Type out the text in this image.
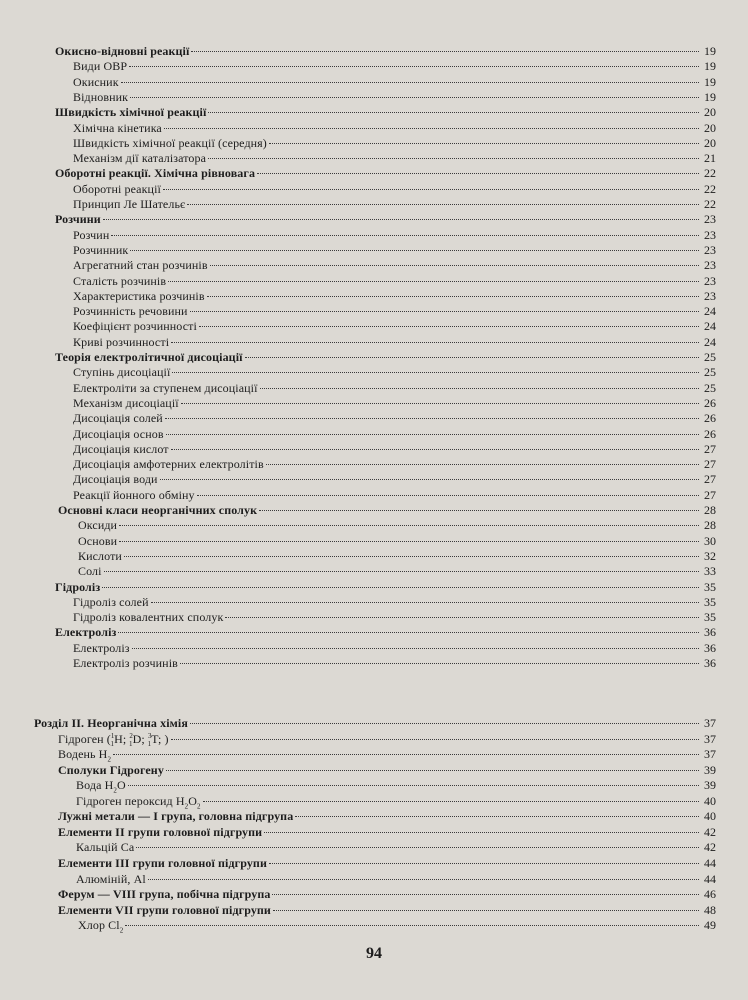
Окисно-відновні реакції	19
Види ОВР	19
Окисник	19
Відновник	19
Швидкість хімічної реакції	20
Хімічна кінетика	20
Швидкість хімічної реакції (середня)	20
Механізм дії каталізатора	21
Оборотні реакції. Хімічна рівновага	22
Оборотні реакції	22
Принцип Ле Шательє	22
Розчини	23
Розчин	23
Розчинник	23
Агрегатний стан розчинів	23
Сталість розчинів	23
Характеристика розчинів	23
Розчинність речовини	24
Коефіцієнт розчинності	24
Криві розчинності	24
Теорія електролітичної дисоціації	25
Ступінь дисоціації	25
Електроліти за ступенем дисоціації	25
Механізм дисоціації	26
Дисоціація солей	26
Дисоціація основ	26
Дисоціація кислот	27
Дисоціація амфотерних електролітів	27
Дисоціація води	27
Реакції йонного обміну	27
Основні класи неорганічних сполук	28
Оксиди	28
Основи	30
Кислоти	32
Солі	33
Гідроліз	35
Гідроліз солей	35
Гідроліз ковалентних сполук	35
Електроліз	36
Електроліз	36
Електроліз розчинів	36
Розділ II. Неорганічна хімія	37
Гідроген ($^1_1$H; $^2_1$D; $^3_1$T; )	37
Водень $H_2$	37
Сполуки Гідрогену	39
Вода $H_2O$	39
Гідроген пероксид $H_2O_2$	40
Лужні метали — I група, головна підгрупа	40
Елементи II групи головної підгрупи	42
Кальцій Ca	42
Елементи III групи головної підгрупи	44
Алюміній, Al	44
Ферум — VIII група, побічна підгрупа	46
Елементи VII групи головної підгрупи	48
Хлор $Cl_2$	49
94
